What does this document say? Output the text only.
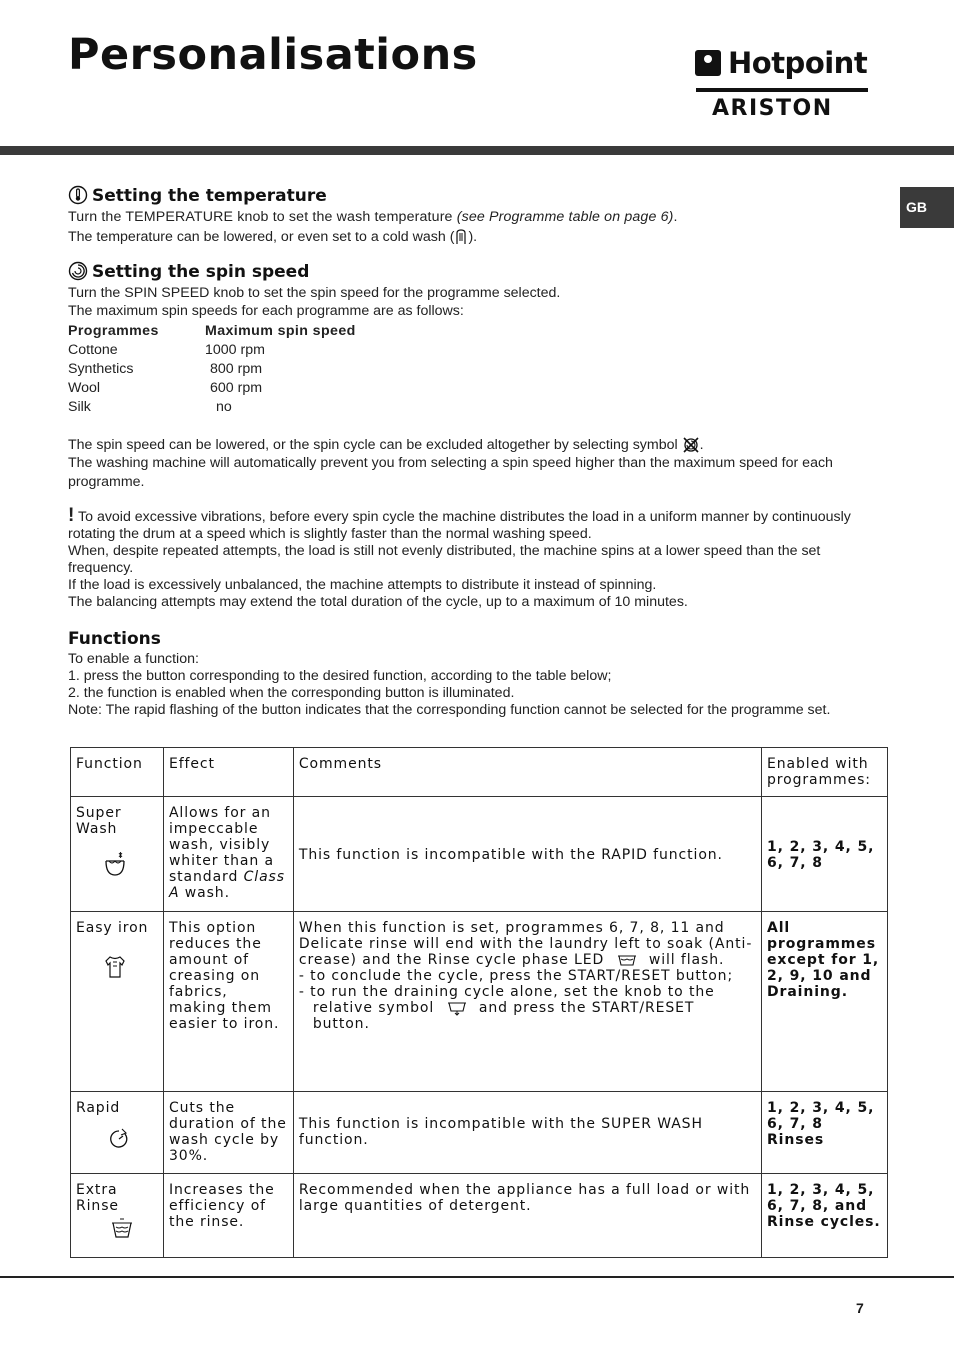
Personalisations	Hotpoint
ARISTON
GB
Setting the temperature

Turn the TEMPERATURE knob to set the wash temperature (see Programme table on page 6).

The temperature can be lowered, or even set to a cold wash ( ).

Setting the spin speed

Turn the SPIN SPEED knob to set the spin speed for the programme selected.

The maximum spin speeds for each programme are as follows:

Programmes	Maximum spin speed
Cottone	1000 rpm
Synthetics	800 rpm
Wool	600 rpm
Silk	no

The spin speed can be lowered, or the spin cycle can be excluded altogether by selecting symbol .

The washing machine will automatically prevent you from selecting a spin speed higher than the maximum speed for each programme.

! To avoid excessive vibrations, before every spin cycle the machine distributes the load in a uniform manner by continuously rotating the drum at a speed which is slightly faster than the normal washing speed.

When, despite repeated attempts, the load is still not evenly distributed, the machine spins at a lower speed than the set frequency.

If the load is excessively unbalanced, the machine attempts to distribute it instead of spinning.

The balancing attempts may extend the total duration of the cycle, up to a maximum of 10 minutes.

Functions

To enable a function:

1. press the button corresponding to the desired function, according to the table below;

2. the function is enabled when the corresponding button is illuminated.

Note: The rapid flashing of the button indicates that the corresponding function cannot be selected for the programme set.

Function	Effect	Comments	Enabled with programmes:
Super Wash	Allows for an impeccable wash, visibly whiter than a standard Class A wash.	This function is incompatible with the RAPID function.	1, 2, 3, 4, 5, 6, 7, 8
Easy iron	This option reduces the amount of creasing on fabrics, making them easier to iron.	When this function is set, programmes 6, 7, 8, 11 and Delicate rinse will end with the laundry left to soak (Anti-crease) and the Rinse cycle phase LED  will flash.
- to conclude the cycle, press the START/RESET button;
- to run the draining cycle alone, set the knob to the relative symbol  and press the START/RESET button.	All programmes except for 1, 2, 9, 10 and Draining.
Rapid	Cuts the duration of the wash cycle by 30%.	This function is incompatible with the SUPER WASH function.	1, 2, 3, 4, 5, 6, 7, 8 Rinses
Extra Rinse	Increases the efficiency of the rinse.	Recommended when the appliance has a full load or with large quantities of detergent.	1, 2, 3, 4, 5, 6, 7, 8, and Rinse cycles.
7
